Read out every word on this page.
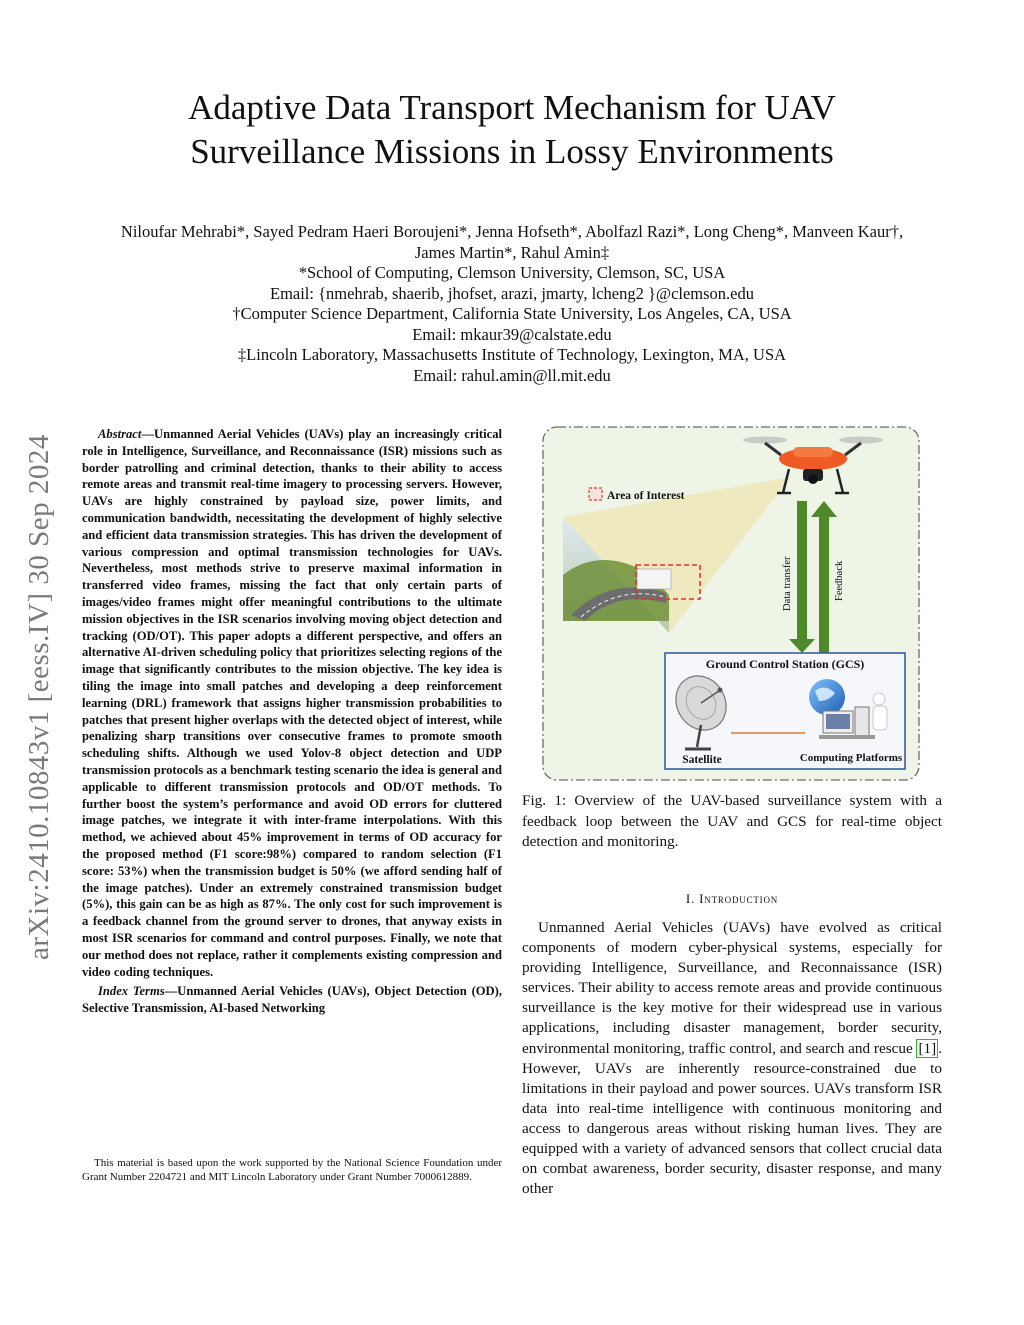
arXiv:2410.10843v1 [eess.IV] 30 Sep 2024
Adaptive Data Transport Mechanism for UAV
Surveillance Missions in Lossy Environments
Niloufar Mehrabi*, Sayed Pedram Haeri Boroujeni*, Jenna Hofseth*, Abolfazl Razi*, Long Cheng*, Manveen Kaur†,
James Martin*, Rahul Amin‡
*School of Computing, Clemson University, Clemson, SC, USA
Email: {nmehrab, shaerib, jhofset, arazi, jmarty, lcheng2 }@clemson.edu
†Computer Science Department, California State University, Los Angeles, CA, USA
Email: mkaur39@calstate.edu
‡Lincoln Laboratory, Massachusetts Institute of Technology, Lexington, MA, USA
Email: rahul.amin@ll.mit.edu

Abstract—Unmanned Aerial Vehicles (UAVs) play an increasingly critical role in Intelligence, Surveillance, and Reconnaissance (ISR) missions such as border patrolling and criminal detection, thanks to their ability to access remote areas and transmit real-time imagery to processing servers. However, UAVs are highly constrained by payload size, power limits, and communication bandwidth, necessitating the development of highly selective and efficient data transmission strategies. This has driven the development of various compression and optimal transmission technologies for UAVs. Nevertheless, most methods strive to preserve maximal information in transferred video frames, missing the fact that only certain parts of images/video frames might offer meaningful contributions to the ultimate mission objectives in the ISR scenarios involving moving object detection and tracking (OD/OT). This paper adopts a different perspective, and offers an alternative AI-driven scheduling policy that prioritizes selecting regions of the image that significantly contributes to the mission objective. The key idea is tiling the image into small patches and developing a deep reinforcement learning (DRL) framework that assigns higher transmission probabilities to patches that present higher overlaps with the detected object of interest, while penalizing sharp transitions over consecutive frames to promote smooth scheduling shifts. Although we used Yolov-8 object detection and UDP transmission protocols as a benchmark testing scenario the idea is general and applicable to different transmission protocols and OD/OT methods. To further boost the system’s performance and avoid OD errors for cluttered image patches, we integrate it with inter-frame interpolations. With this method, we achieved about 45% improvement in terms of OD accuracy for the proposed method (F1 score:98%) compared to random selection (F1 score: 53%) when the transmission budget is 50% (we afford sending half of the image patches). Under an extremely constrained transmission budget (5%), this gain can be as high as 87%. The only cost for such improvement is a feedback channel from the ground server to drones, that anyway exists in most ISR scenarios for command and control purposes. Finally, we note that our method does not replace, rather it complements existing compression and video coding techniques.

Index Terms—Unmanned Aerial Vehicles (UAVs), Object Detection (OD), Selective Transmission, AI-based Networking

This material is based upon the work supported by the National Science Foundation under Grant Number 2204721 and MIT Lincoln Laboratory under Grant Number 7000612889.
Area of Interest
Data transfer	Feedback
Ground Control Station (GCS)
Satellite	Computing Platforms
Fig. 1: Overview of the UAV-based surveillance system with a feedback loop between the UAV and GCS for real-time object detection and monitoring.
I. Introduction
Unmanned Aerial Vehicles (UAVs) have evolved as critical components of modern cyber-physical systems, especially for providing Intelligence, Surveillance, and Reconnaissance (ISR) services. Their ability to access remote areas and provide continuous surveillance is the key motive for their widespread use in various applications, including disaster management, border security, environmental monitoring, traffic control, and search and rescue [1] . However, UAVs are inherently resource-constrained due to limitations in their payload and power sources. UAVs transform ISR data into real-time intelligence with continuous monitoring and access to dangerous areas without risking human lives. They are equipped with a variety of advanced sensors that collect crucial data on combat awareness, border security, disaster response, and many other
